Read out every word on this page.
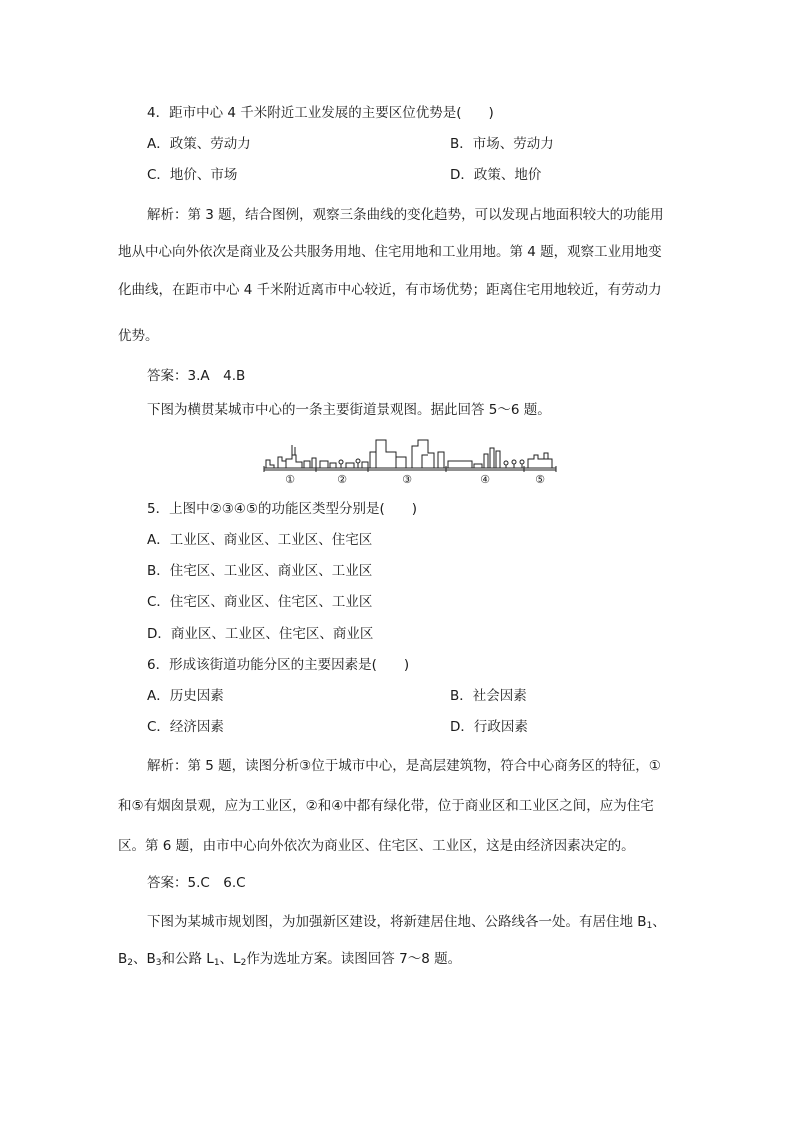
4．距市中心 4 千米附近工业发展的主要区位优势是(　　)
A．政策、劳动力	B．市场、劳动力
C．地价、市场	D．政策、地价
解析：第 3 题，结合图例，观察三条曲线的变化趋势，可以发现占地面积较大的功能用
地从中心向外依次是商业及公共服务用地、住宅用地和工业用地。第 4 题，观察工业用地变
化曲线，在距市中心 4 千米附近离市中心较近，有市场优势；距离住宅用地较近，有劳动力
优势。
答案：3.A　4.B
下图为横贯某城市中心的一条主要街道景观图。据此回答 5～6 题。
①	②	③	④	⑤
5．上图中②③④⑤的功能区类型分别是(　　)
A．工业区、商业区、工业区、住宅区
B．住宅区、工业区、商业区、工业区
C．住宅区、商业区、住宅区、工业区
D．商业区、工业区、住宅区、商业区
6．形成该街道功能分区的主要因素是(　　)
A．历史因素	B．社会因素
C．经济因素	D．行政因素
解析：第 5 题，读图分析③位于城市中心，是高层建筑物，符合中心商务区的特征，①
和⑤有烟囱景观，应为工业区，②和④中都有绿化带，位于商业区和工业区之间，应为住宅
区。第 6 题，由市中心向外依次为商业区、住宅区、工业区，这是由经济因素决定的。
答案：5.C　6.C
下图为某城市规划图，为加强新区建设，将新建居住地、公路线各一处。有居住地 $B_1$、
$B_2$、$B_3$和公路 $L_1$、$L_2$作为选址方案。读图回答 7～8 题。
